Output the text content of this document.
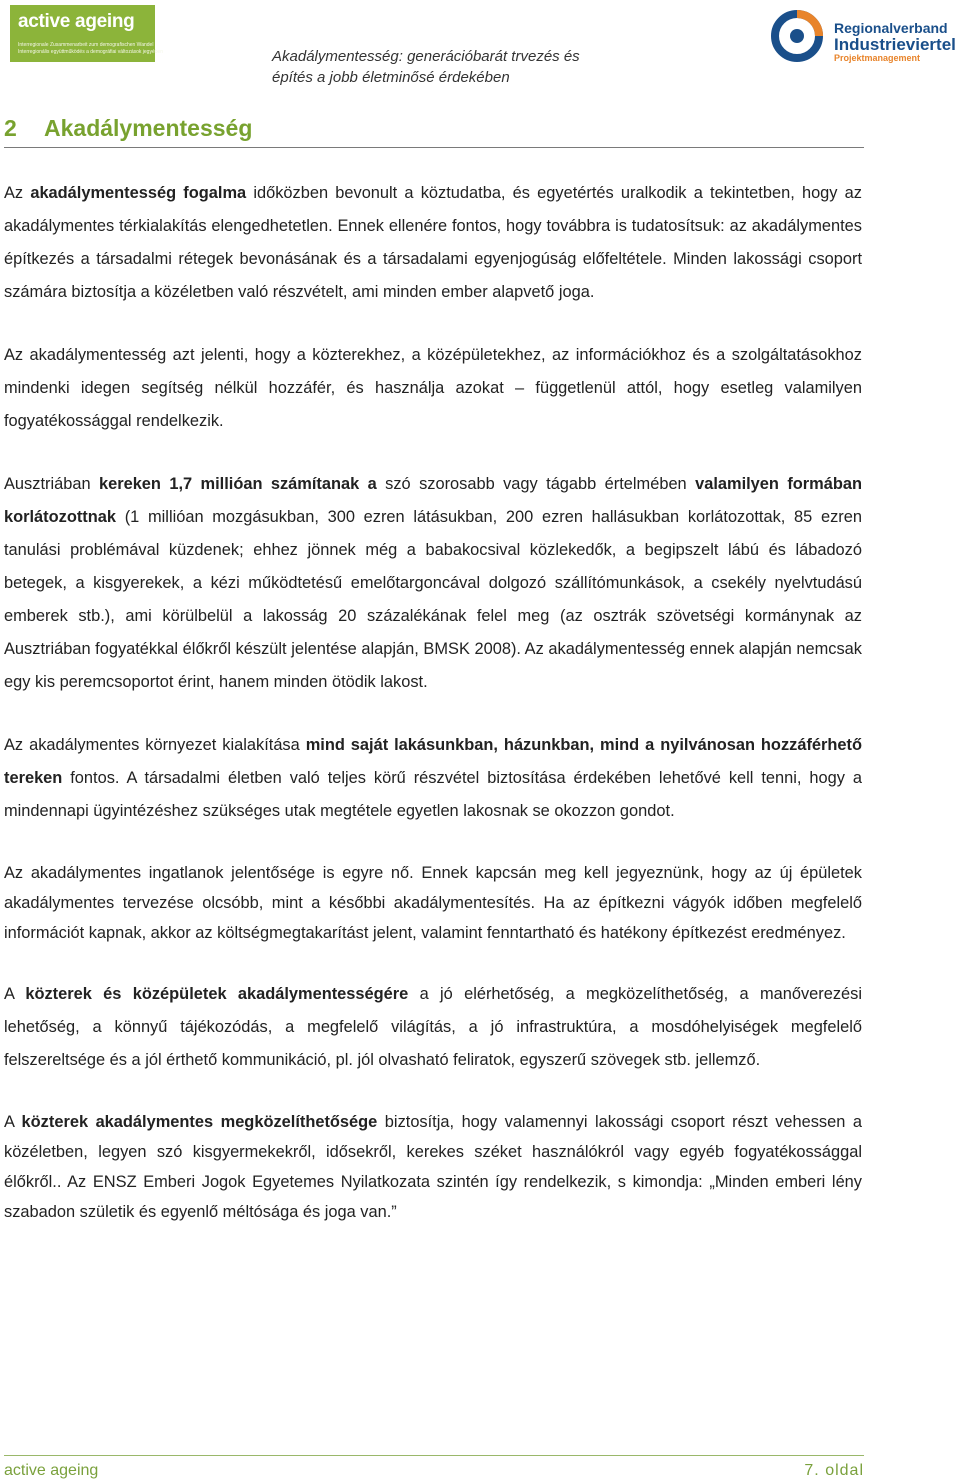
active ageing
Interregionale Zusammenarbeit zum demografischen Wandel
Interregionális együttműködés a demográfiai változások jegyében	Akadálymentesség: generációbarát trvezés és
építés a jobb életminősé érdekében
Regionalverband
Industrieviertel
Projektmanagement
2 Akadálymentesség

Az akadálymentesség fogalma időközben bevonult a köztudatba, és egyetértés uralkodik a tekintetben, hogy az akadálymentes térkialakítás elengedhetetlen. Ennek ellenére fontos, hogy továbbra is tudatosítsuk: az akadálymentes építkezés a társadalmi rétegek bevonásának és a társadalami egyenjogúság előfeltétele. Minden lakossági csoport számára biztosítja a közéletben való részvételt, ami minden ember alapvető joga.

Az akadálymentesség azt jelenti, hogy a közterekhez, a középületekhez, az információkhoz és a szolgáltatásokhoz mindenki idegen segítség nélkül hozzáfér, és használja azokat – függetlenül attól, hogy esetleg valamilyen fogyatékossággal rendelkezik.

Ausztriában kereken 1,7 millióan számítanak a szó szorosabb vagy tágabb értelmében valamilyen formában korlátozottnak (1 millióan mozgásukban, 300 ezren látásukban, 200 ezren hallásukban korlátozottak, 85 ezren tanulási problémával küzdenek; ehhez jönnek még a babakocsival közlekedők, a begipszelt lábú és lábadozó betegek, a kisgyerekek, a kézi működtetésű emelőtargoncával dolgozó szállítómunkások, a csekély nyelvtudású emberek stb.), ami körülbelül a lakosság 20 százalékának felel meg (az osztrák szövetségi kormánynak az Ausztriában fogyatékkal élőkről készült jelentése alapján, BMSK 2008). Az akadálymentesség ennek alapján nemcsak egy kis peremcsoportot érint, hanem minden ötödik lakost.

Az akadálymentes környezet kialakítása mind saját lakásunkban, házunkban, mind a nyilvánosan hozzáférhető tereken fontos. A társadalmi életben való teljes körű részvétel biztosítása érdekében lehetővé kell tenni, hogy a mindennapi ügyintézéshez szükséges utak megtétele egyetlen lakosnak se okozzon gondot.

Az akadálymentes ingatlanok jelentősége is egyre nő. Ennek kapcsán meg kell jegyeznünk, hogy az új épületek akadálymentes tervezése olcsóbb, mint a későbbi akadálymentesítés. Ha az építkezni vágyók időben megfelelő információt kapnak, akkor az költségmegtakarítást jelent, valamint fenntartható és hatékony építkezést eredményez.

A közterek és középületek akadálymentességére a jó elérhetőség, a megközelíthetőség, a manőverezési lehetőség, a könnyű tájékozódás, a megfelelő világítás, a jó infrastruktúra, a mosdóhelyiségek megfelelő felszereltsége és a jól érthető kommunikáció, pl. jól olvasható feliratok, egyszerű szövegek stb. jellemző.

A közterek akadálymentes megközelíthetősége biztosítja, hogy valamennyi lakossági csoport részt vehessen a közéletben, legyen szó kisgyermekekről, idősekről, kerekes széket használókról vagy egyéb fogyatékossággal élőkről.. Az ENSZ Emberi Jogok Egyetemes Nyilatkozata szintén így rendelkezik, s kimondja: „Minden emberi lény szabadon születik és egyenlő méltósága és joga van.”

active ageing	7. oldal
